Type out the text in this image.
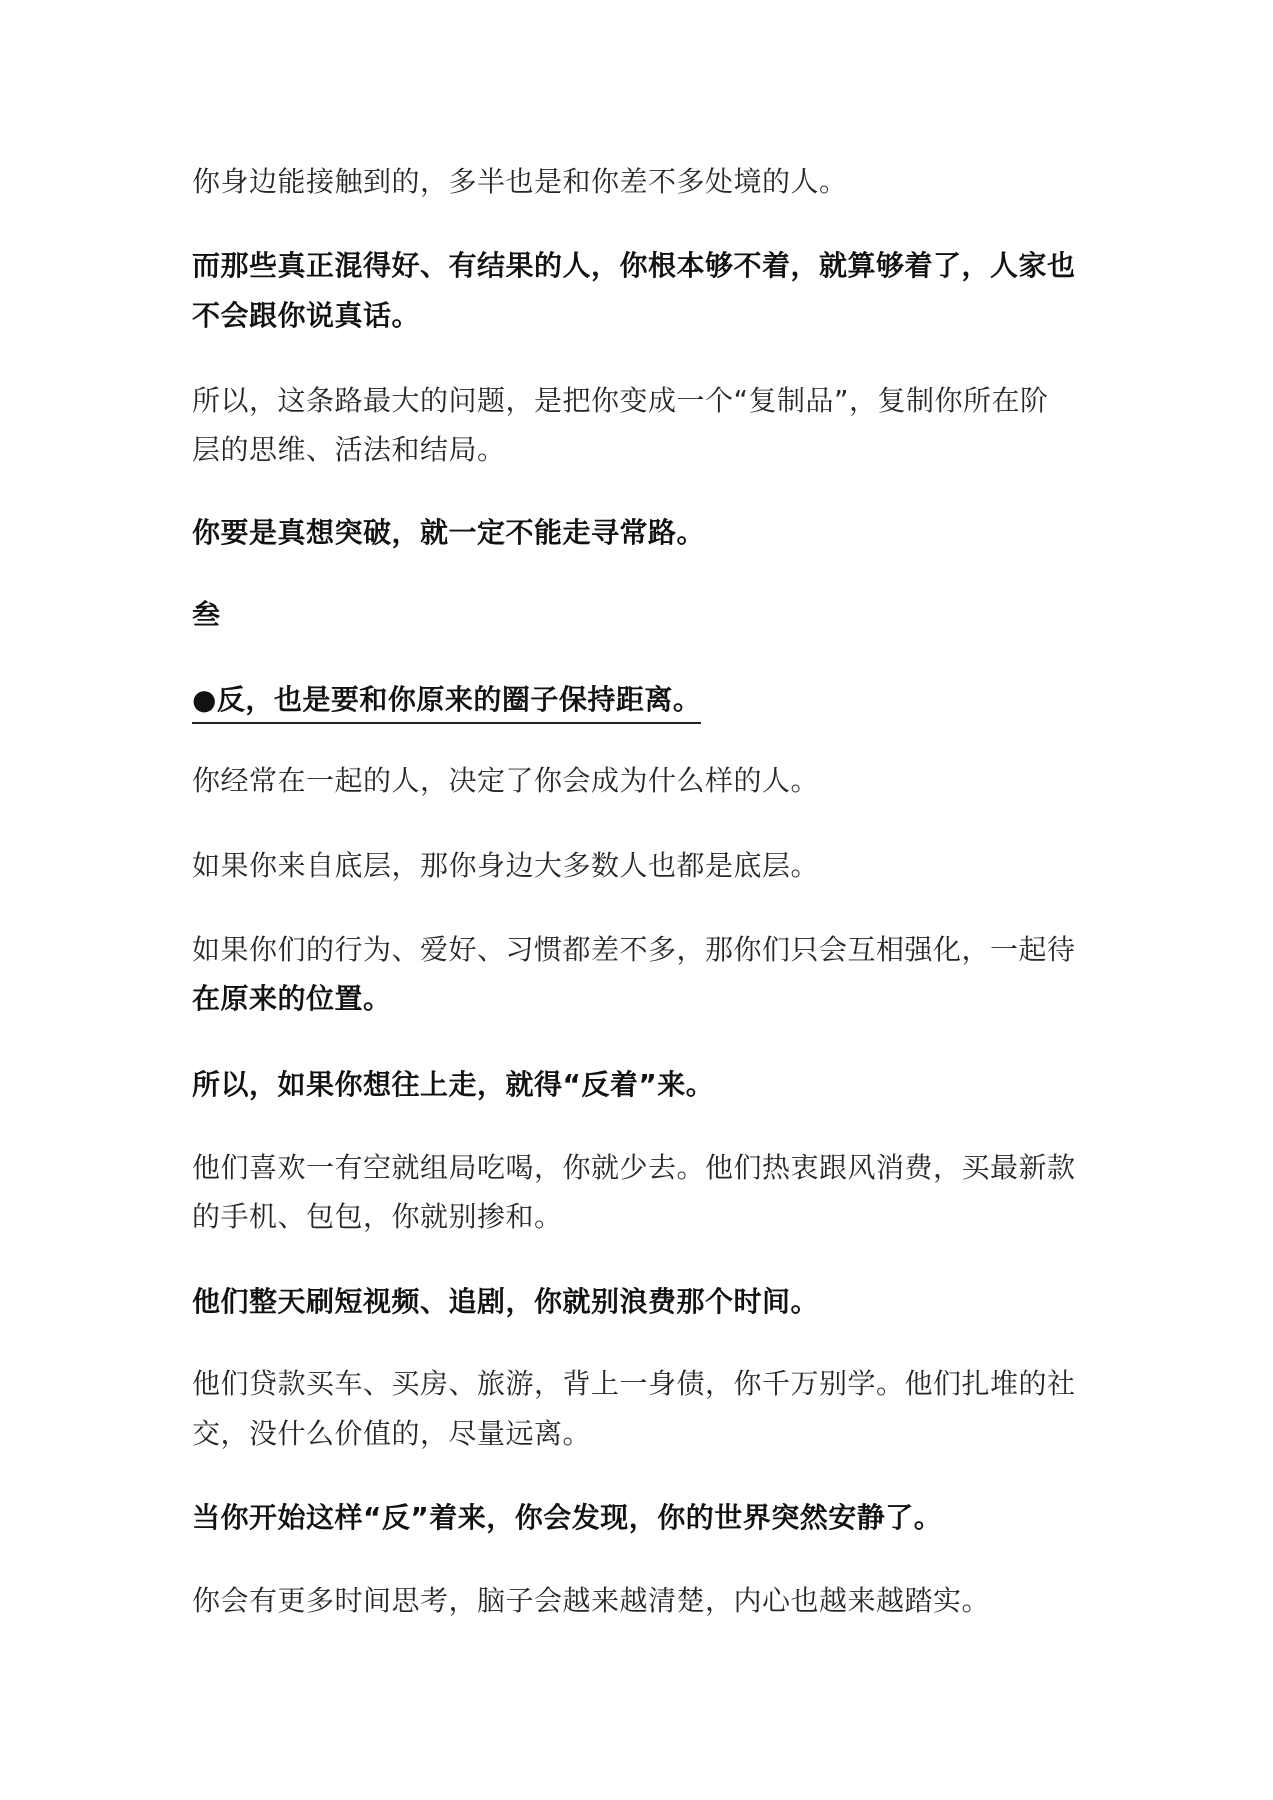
你身边能接触到的，多半也是和你差不多处境的人。
而那些真正混得好、有结果的人，你根本够不着，就算够着了，人家也
不会跟你说真话。
所以，这条路最大的问题，是把你变成一个“复制品”，复制你所在阶
层的思维、活法和结局。
你要是真想突破，就一定不能走寻常路。
叁
●反，也是要和你原来的圈子保持距离。
你经常在一起的人，决定了你会成为什么样的人。
如果你来自底层，那你身边大多数人也都是底层。
如果你们的行为、爱好、习惯都差不多，那你们只会互相强化，一起待
在原来的位置。
所以，如果你想往上走，就得“反着”来。
他们喜欢一有空就组局吃喝，你就少去。他们热衷跟风消费，买最新款
的手机、包包，你就别掺和。
他们整天刷短视频、追剧，你就别浪费那个时间。
他们贷款买车、买房、旅游，背上一身债，你千万别学。他们扎堆的社
交，没什么价值的，尽量远离。
当你开始这样“反”着来，你会发现，你的世界突然安静了。
你会有更多时间思考，脑子会越来越清楚，内心也越来越踏实。
